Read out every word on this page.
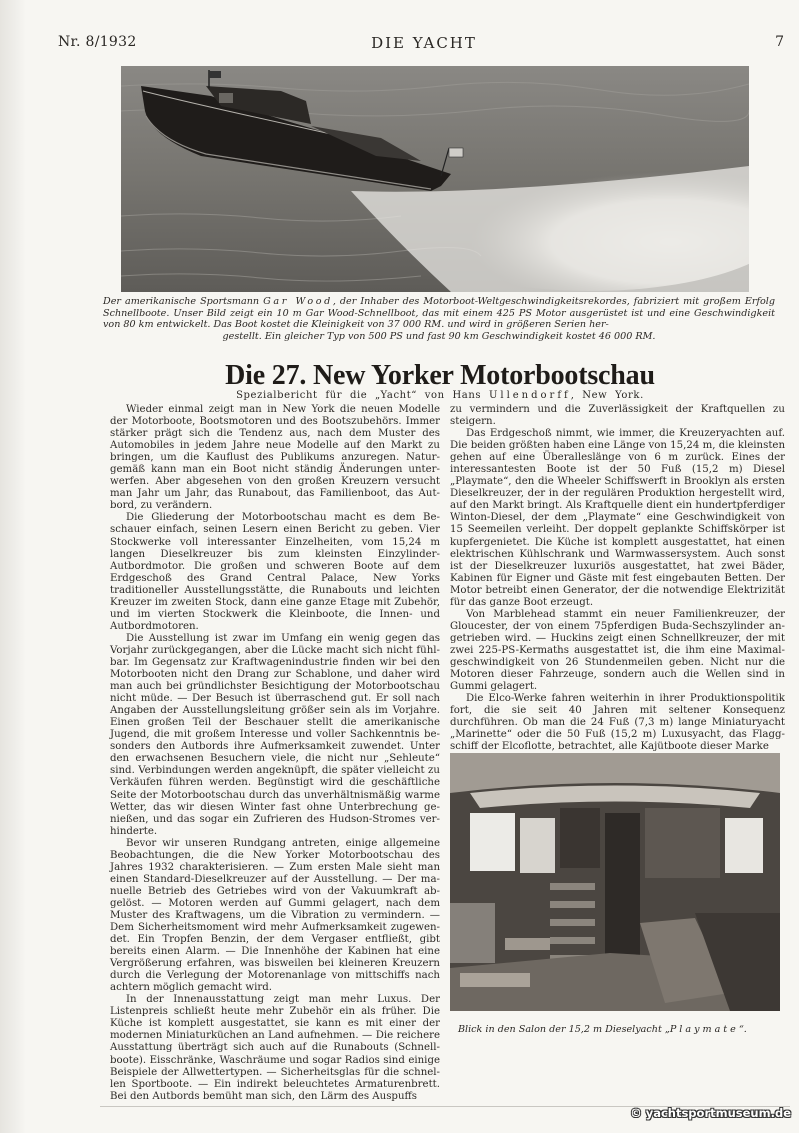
Nr. 8/1932	DIE YACHT	7
Der amerikanische Sportsmann Gar Wood, der Inhaber des Motorboot-Weltgeschwindigkeitsrekordes, fabriziert mit großem Erfolg Schnellboote. Unser Bild zeigt ein 10 m Gar Wood-Schnellboot, das mit einem 425 PS Motor ausgerüstet ist und eine Geschwindigkeit von 80 km entwickelt. Das Boot kostet die Kleinigkeit von 37 000 RM. und wird in größeren Serien her-
gestellt. Ein gleicher Typ von 500 PS und fast 90 km Geschwindigkeit kostet 46 000 RM.
Die 27. New Yorker Motorbootschau
Spezialbericht für die „Yacht“ von Hans Ullendorff, New York.

Wieder einmal zeigt man in New York die neuen Modelle der Motorboote, Bootsmotoren und des Bootszubehörs. Immer stärker prägt sich die Tendenz aus, nach dem Muster des Automobiles in jedem Jahre neue Modelle auf den Markt zu bringen, um die Kauflust des Publikums anzuregen. Naturgemäß kann man ein Boot nicht ständig Änderungen unterwerfen. Aber abgesehen von den großen Kreuzern versucht man Jahr um Jahr, das Runabout, das Familienboot, das Autbord, zu verändern.

Die Gliederung der Motorbootschau macht es dem Beschauer einfach, seinen Lesern einen Bericht zu geben. Vier Stockwerke voll interessanter Einzelheiten, vom 15,24 m langen Dieselkreuzer bis zum kleinsten Einzylinder-Autbordmotor. Die großen und schweren Boote auf dem Erdgeschoß des Grand Central Palace, New Yorks traditioneller Ausstellungsstätte, die Runabouts und leichten Kreuzer im zweiten Stock, dann eine ganze Etage mit Zubehör, und im vierten Stockwerk die Kleinboote, die Innen- und Autbordmotoren.

Die Ausstellung ist zwar im Umfang ein wenig gegen das Vorjahr zurückgegangen, aber die Lücke macht sich nicht fühlbar. Im Gegensatz zur Kraftwagenindustrie finden wir bei den Motorbooten nicht den Drang zur Schablone, und daher wird man auch bei gründlichster Besichtigung der Motorbootschau nicht müde. — Der Besuch ist überraschend gut. Er soll nach Angaben der Ausstellungsleitung größer sein als im Vorjahre. Einen großen Teil der Beschauer stellt die amerikanische Jugend, die mit großem Interesse und voller Sachkenntnis besonders den Autbords ihre Aufmerksamkeit zuwendet. Unter den erwachsenen Besuchern viele, die nicht nur „Sehleute“ sind. Verbindungen werden angeknüpft, die später vielleicht zu Verkäufen führen werden. Begünstigt wird die geschäftliche Seite der Motorbootschau durch das unverhältnismäßig warme Wetter, das wir diesen Winter fast ohne Unterbrechung genießen, und das sogar ein Zufrieren des Hudson-Stromes verhinderte.

Bevor wir unseren Rundgang antreten, einige allgemeine Beobachtungen, die die New Yorker Motorbootschau des Jahres 1932 charakterisieren. — Zum ersten Male sieht man einen Standard-Dieselkreuzer auf der Ausstellung. — Der manuelle Betrieb des Getriebes wird von der Vakuumkraft abgelöst. — Motoren werden auf Gummi gelagert, nach dem Muster des Kraftwagens, um die Vibration zu vermindern. — Dem Sicherheitsmoment wird mehr Aufmerksamkeit zugewendet. Ein Tropfen Benzin, der dem Vergaser entfließt, gibt bereits einen Alarm. — Die Innenhöhe der Kabinen hat eine Vergrößerung erfahren, was bisweilen bei kleineren Kreuzern durch die Verlegung der Motorenanlage von mittschiffs nach achtern möglich gemacht wird.

In der Innenausstattung zeigt man mehr Luxus. Der Listenpreis schließt heute mehr Zubehör ein als früher. Die Küche ist komplett ausgestattet, sie kann es mit einer der modernen Miniaturküchen an Land aufnehmen. — Die reichere Ausstattung überträgt sich auch auf die Runabouts (Schnellboote). Eisschränke, Waschräume und sogar Radios sind einige Beispiele der Allwettertypen. — Sicherheitsglas für die schnellen Sportboote. — Ein indirekt beleuchtetes Armaturenbrett. Bei den Autbords bemüht man sich, den Lärm des Auspuffs

zu vermindern und die Zuverlässigkeit der Kraftquellen zu steigern.

Das Erdgeschoß nimmt, wie immer, die Kreuzeryachten auf. Die beiden größten haben eine Länge von 15,24 m, die kleinsten gehen auf eine Überalleslänge von 6 m zurück. Eines der interessantesten Boote ist der 50 Fuß (15,2 m) Diesel „Playmate“, den die Wheeler Schiffswerft in Brooklyn als ersten Dieselkreuzer, der in der regulären Produktion hergestellt wird, auf den Markt bringt. Als Kraftquelle dient ein hundertpferdiger Winton-Diesel, der dem „Playmate“ eine Geschwindigkeit von 15 Seemeilen verleiht. Der doppelt geplankte Schiffskörper ist kupfergenietet. Die Küche ist komplett ausgestattet, hat einen elektrischen Kühlschrank und Warmwassersystem. Auch sonst ist der Dieselkreuzer luxuriös ausgestattet, hat zwei Bäder, Kabinen für Eigner und Gäste mit fest eingebauten Betten. Der Motor betreibt einen Generator, der die notwendige Elektrizität für das ganze Boot erzeugt.

Von Marblehead stammt ein neuer Familienkreuzer, der Gloucester, der von einem 75pferdigen Buda-Sechszylinder angetrieben wird. — Huckins zeigt einen Schnellkreuzer, der mit zwei 225-PS-Kermaths ausgestattet ist, die ihm eine Maximalgeschwindigkeit von 26 Stundenmeilen geben. Nicht nur die Motoren dieser Fahrzeuge, sondern auch die Wellen sind in Gummi gelagert.

Die Elco-Werke fahren weiterhin in ihrer Produktionspolitik fort, die sie seit 40 Jahren mit seltener Konsequenz durchführen. Ob man die 24 Fuß (7,3 m) lange Miniaturyacht „Marinette“ oder die 50 Fuß (15,2 m) Luxusyacht, das Flaggschiff der Elcoflotte, betrachtet, alle Kajütboote dieser Marke

Blick in den Salon der 15,2 m Dieselyacht „Playmate“.
© yachtsportmuseum.de
